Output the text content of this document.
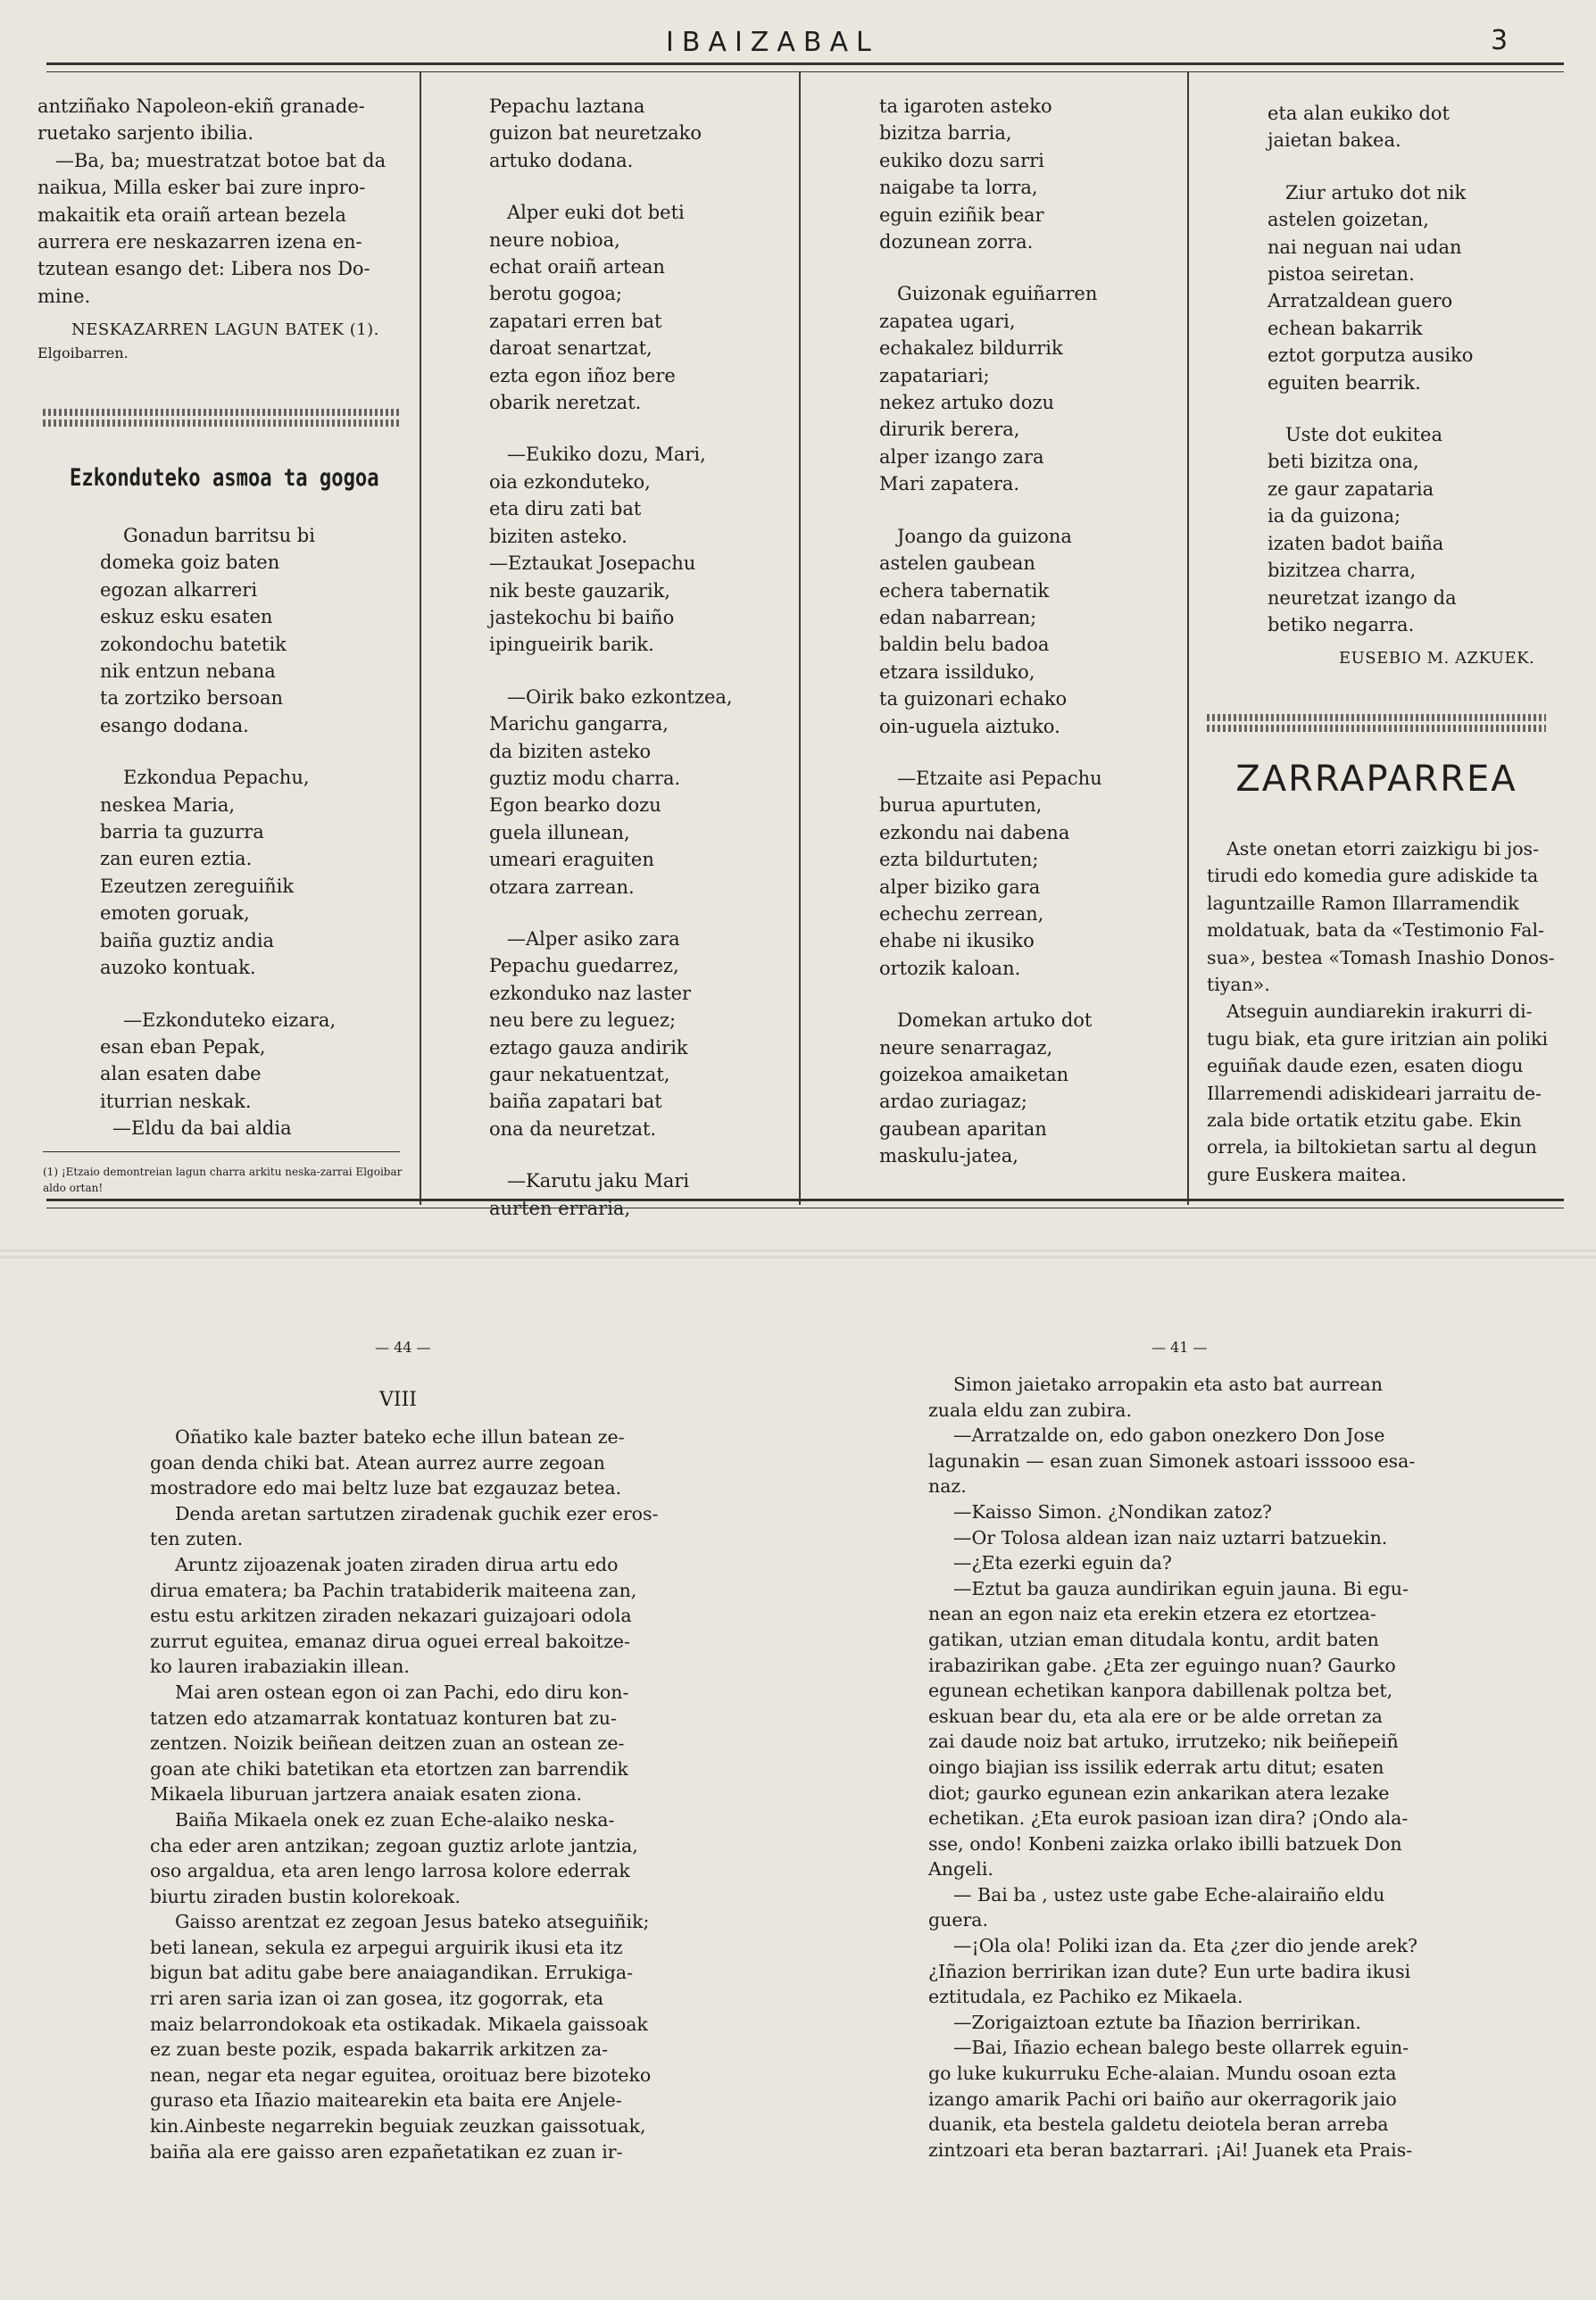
IBAIZABAL	3
antziñako Napoleon-ekiñ granade-
ruetako sarjento ibilia.
—Ba, ba; muestratzat botoe bat da
naikua, Milla esker bai zure inpro-
makaitik eta oraiñ artean bezela
aurrera ere neskazarren izena en-
tzutean esango det: Libera nos Do-
mine.
NESKAZARREN LAGUN BATEK (1).
Elgoibarren.
Ezkonduteko asmoa ta gogoa
Gonadun barritsu bi
domeka goiz baten
egozan alkarreri
eskuz esku esaten
zokondochu batetik
nik entzun nebana
ta zortziko bersoan
esango dodana.
Ezkondua Pepachu,
neskea Maria,
barria ta guzurra
zan euren eztia.
Ezeutzen zereguiñik
emoten goruak,
baiña guztiz andia
auzoko kontuak.
—Ezkonduteko eizara,
esan eban Pepak,
alan esaten dabe
iturrian neskak.
—Eldu da bai aldia
(1) ¡Etzaio demontreian lagun charra arkitu neska-zarrai Elgoibar aldo ortan!
Pepachu laztana
guizon bat neuretzako
artuko dodana.
Alper euki dot beti
neure nobioa,
echat oraiñ artean
berotu gogoa;
zapatari erren bat
daroat senartzat,
ezta egon iñoz bere
obarik neretzat.
—Eukiko dozu, Mari,
oia ezkonduteko,
eta diru zati bat
biziten asteko.
—Eztaukat Josepachu
nik beste gauzarik,
jastekochu bi baiño
ipingueirik barik.
—Oirik bako ezkontzea,
Marichu gangarra,
da biziten asteko
guztiz modu charra.
Egon bearko dozu
guela illunean,
umeari eraguiten
otzara zarrean.
—Alper asiko zara
Pepachu guedarrez,
ezkonduko naz laster
neu bere zu leguez;
eztago gauza andirik
gaur nekatuentzat,
baiña zapatari bat
ona da neuretzat.
—Karutu jaku Mari
aurten erraria,
ta igaroten asteko
bizitza barria,
eukiko dozu sarri
naigabe ta lorra,
eguin eziñik bear
dozunean zorra.
Guizonak eguiñarren
zapatea ugari,
echakalez bildurrik
zapatariari;
nekez artuko dozu
dirurik berera,
alper izango zara
Mari zapatera.
Joango da guizona
astelen gaubean
echera tabernatik
edan nabarrean;
baldin belu badoa
etzara issilduko,
ta guizonari echako
oin-uguela aiztuko.
—Etzaite asi Pepachu
burua apurtuten,
ezkondu nai dabena
ezta bildurtuten;
alper biziko gara
echechu zerrean,
ehabe ni ikusiko
ortozik kaloan.
Domekan artuko dot
neure senarragaz,
goizekoa amaiketan
ardao zuriagaz;
gaubean aparitan
maskulu-jatea,
eta alan eukiko dot
jaietan bakea.
Ziur artuko dot nik
astelen goizetan,
nai neguan nai udan
pistoa seiretan.
Arratzaldean guero
echean bakarrik
eztot gorputza ausiko
eguiten bearrik.
Uste dot eukitea
beti bizitza ona,
ze gaur zapataria
ia da guizona;
izaten badot baiña
bizitzea charra,
neuretzat izango da
betiko negarra.
EUSEBIO M. AZKUEK.
ZARRAPARREA
Aste onetan etorri zaizkigu bi jos-
tirudi edo komedia gure adiskide ta
laguntzaille Ramon Illarramendik
moldatuak, bata da «Testimonio Fal-
sua», bestea «Tomash Inashio Donos-
tiyan».
Atseguin aundiarekin irakurri di-
tugu biak, eta gure iritzian ain poliki
eguiñak daude ezen, esaten diogu
Illarremendi adiskideari jarraitu de-
zala bide ortatik etzitu gabe. Ekin
orrela, ia biltokietan sartu al degun
gure Euskera maitea.
— 44 —
VIII
Oñatiko kale bazter bateko eche illun batean ze-
goan denda chiki bat. Atean aurrez aurre zegoan
mostradore edo mai beltz luze bat ezgauzaz betea.
Denda aretan sartutzen ziradenak guchik ezer eros-
ten zuten.
Aruntz zijoazenak joaten ziraden dirua artu edo
dirua ematera; ba Pachin tratabiderik maiteena zan,
estu estu arkitzen ziraden nekazari guizajoari odola
zurrut eguitea, emanaz dirua oguei erreal bakoitze-
ko lauren irabaziakin illean.
Mai aren ostean egon oi zan Pachi, edo diru kon-
tatzen edo atzamarrak kontatuaz konturen bat zu-
zentzen. Noizik beiñean deitzen zuan an ostean ze-
goan ate chiki batetikan eta etortzen zan barrendik
Mikaela liburuan jartzera anaiak esaten ziona.
Baiña Mikaela onek ez zuan Eche-alaiko neska-
cha eder aren antzikan; zegoan guztiz arlote jantzia,
oso argaldua, eta aren lengo larrosa kolore ederrak
biurtu ziraden bustin kolorekoak.
Gaisso arentzat ez zegoan Jesus bateko atseguiñik;
beti lanean, sekula ez arpegui arguirik ikusi eta itz
bigun bat aditu gabe bere anaiagandikan. Errukiga-
rri aren saria izan oi zan gosea, itz gogorrak, eta
maiz belarrondokoak eta ostikadak. Mikaela gaissoak
ez zuan beste pozik, espada bakarrik arkitzen za-
nean, negar eta negar eguitea, oroituaz bere bizoteko
guraso eta Iñazio maitearekin eta baita ere Anjele-
kin.Ainbeste negarrekin beguiak zeuzkan gaissotuak,
baiña ala ere gaisso aren ezpañetatikan ez zuan ir-
— 41 —
Simon jaietako arropakin eta asto bat aurrean
zuala eldu zan zubira.
—Arratzalde on, edo gabon onezkero Don Jose
lagunakin — esan zuan Simonek astoari isssooo esa-
naz.
—Kaisso Simon. ¿Nondikan zatoz?
—Or Tolosa aldean izan naiz uztarri batzuekin.
—¿Eta ezerki eguin da?
—Eztut ba gauza aundirikan eguin jauna. Bi egu-
nean an egon naiz eta erekin etzera ez etortzea-
gatikan, utzian eman ditudala kontu, ardit baten
irabazirikan gabe. ¿Eta zer eguingo nuan? Gaurko
egunean echetikan kanpora dabillenak poltza bet,
eskuan bear du, eta ala ere or be alde orretan za
zai daude noiz bat artuko, irrutzeko; nik beiñepeiñ
oingo biajian iss issilik ederrak artu ditut; esaten
diot; gaurko egunean ezin ankarikan atera lezake
echetikan. ¿Eta eurok pasioan izan dira? ¡Ondo ala-
sse, ondo! Konbeni zaizka orlako ibilli batzuek Don
Angeli.
— Bai ba , ustez uste gabe Eche-alairaiño eldu
guera.
—¡Ola ola! Poliki izan da. Eta ¿zer dio jende arek?
¿Iñazion berririkan izan dute? Eun urte badira ikusi
eztitudala, ez Pachiko ez Mikaela.
—Zorigaiztoan eztute ba Iñazion berririkan.
—Bai, Iñazio echean balego beste ollarrek eguin-
go luke kukurruku Eche-alaian. Mundu osoan ezta
izango amarik Pachi ori baiño aur okerragorik jaio
duanik, eta bestela galdetu deiotela beran arreba
zintzoari eta beran baztarrari. ¡Ai! Juanek eta Prais-
